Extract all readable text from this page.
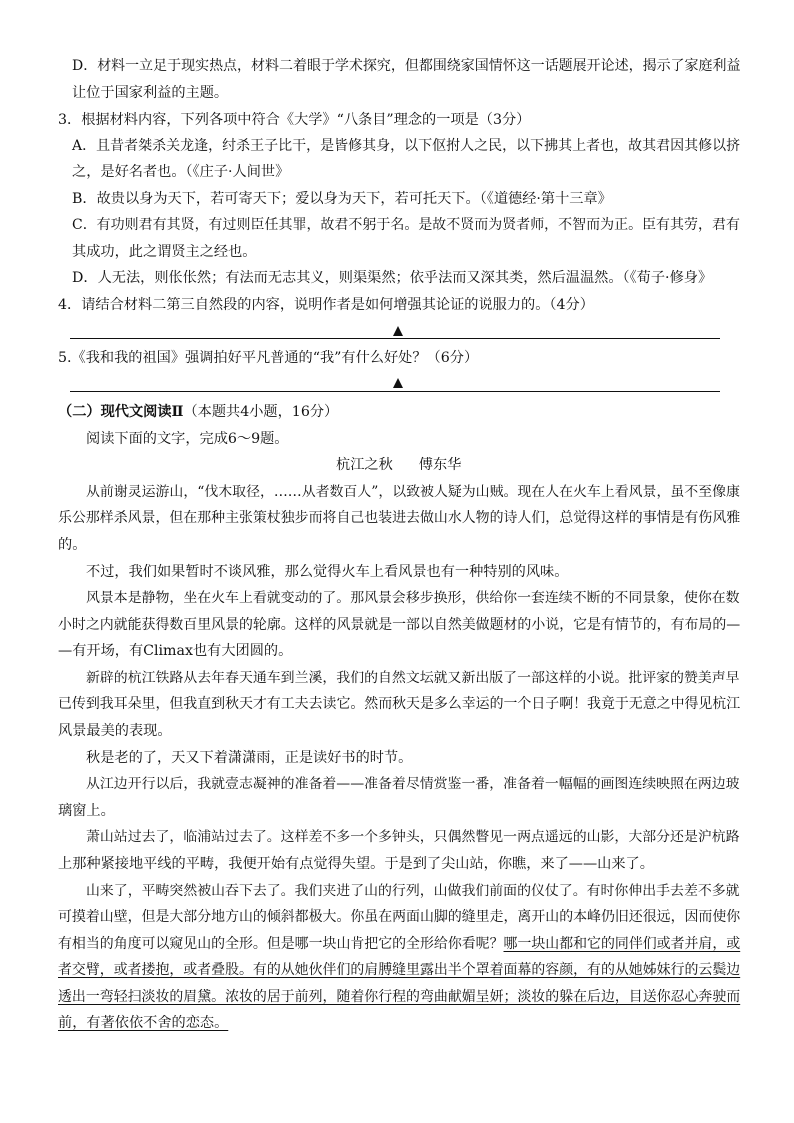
D．材料一立足于现实热点，材料二着眼于学术探究，但都围绕家国情怀这一话题展开论述，揭示了家庭利益
让位于国家利益的主题。
3．根据材料内容，下列各项中符合《大学》“八条目”理念的一项是（3分）
A．且昔者桀杀关龙逢，纣杀王子比干，是皆修其身，以下伛拊人之民，以下拂其上者也，故其君因其修以挤
之，是好名者也。（《庄子·人间世》
B．故贵以身为天下，若可寄天下；爱以身为天下，若可托天下。（《道德经·第十三章》
C．有功则君有其贤，有过则臣任其罪，故君不躬于名。是故不贤而为贤者师，不智而为正。臣有其劳，君有
其成功，此之谓贤主之经也。
D．人无法，则伥伥然；有法而无志其义，则渠渠然；依乎法而又深其类，然后温温然。（《荀子·修身》
4．请结合材料二第三自然段的内容，说明作者是如何增强其论证的说服力的。（4分）
5.《我和我的祖国》强调拍好平凡普通的“我”有什么好处？（6分）
（二）现代文阅读Ⅱ（本题共4小题，16分）
阅读下面的文字，完成6～9题。
杭江之秋 傅东华
从前谢灵运游山，“伐木取径，……从者数百人”，以致被人疑为山贼。现在人在火车上看风景，虽不至像康
乐公那样杀风景，但在那种主张策杖独步而将自己也装进去做山水人物的诗人们，总觉得这样的事情是有伤风雅
的。
不过，我们如果暂时不谈风雅，那么觉得火车上看风景也有一种特别的风味。
风景本是静物，坐在火车上看就变动的了。那风景会移步换形，供给你一套连续不断的不同景象，使你在数
小时之内就能获得数百里风景的轮廓。这样的风景就是一部以自然美做题材的小说，它是有情节的，有布局的—
—有开场，有Climax也有大团圆的。
新辟的杭江铁路从去年春天通车到兰溪，我们的自然文坛就又新出版了一部这样的小说。批评家的赞美声早
已传到我耳朵里，但我直到秋天才有工夫去读它。然而秋天是多么幸运的一个日子啊！我竟于无意之中得见杭江
风景最美的表现。
秋是老的了，天又下着潇潇雨，正是读好书的时节。
从江边开行以后，我就壹志凝神的准备着——准备着尽情赏鉴一番，准备着一幅幅的画图连续映照在两边玻
璃窗上。
萧山站过去了，临浦站过去了。这样差不多一个多钟头，只偶然瞥见一两点遥远的山影，大部分还是沪杭路
上那种紧接地平线的平畴，我便开始有点觉得失望。于是到了尖山站，你瞧，来了——山来了。
山来了，平畴突然被山吞下去了。我们夹进了山的行列，山做我们前面的仪仗了。有时你伸出手去差不多就
可摸着山壁，但是大部分地方山的倾斜都极大。你虽在两面山脚的缝里走，离开山的本峰仍旧还很远，因而使你
有相当的角度可以窥见山的全形。但是哪一块山肯把它的全形给你看呢？哪一块山都和它的同伴们或者并肩，或
者交臂，或者搂抱，或者叠股。有的从她伙伴们的肩膊缝里露出半个罩着面幕的容颜，有的从她姊妹行的云鬓边
透出一弯轻扫淡妆的眉黛。浓妆的居于前列，随着你行程的弯曲献媚呈妍；淡妆的躲在后边，目送你忍心奔驶而
前，有著依依不舍的恋态。
